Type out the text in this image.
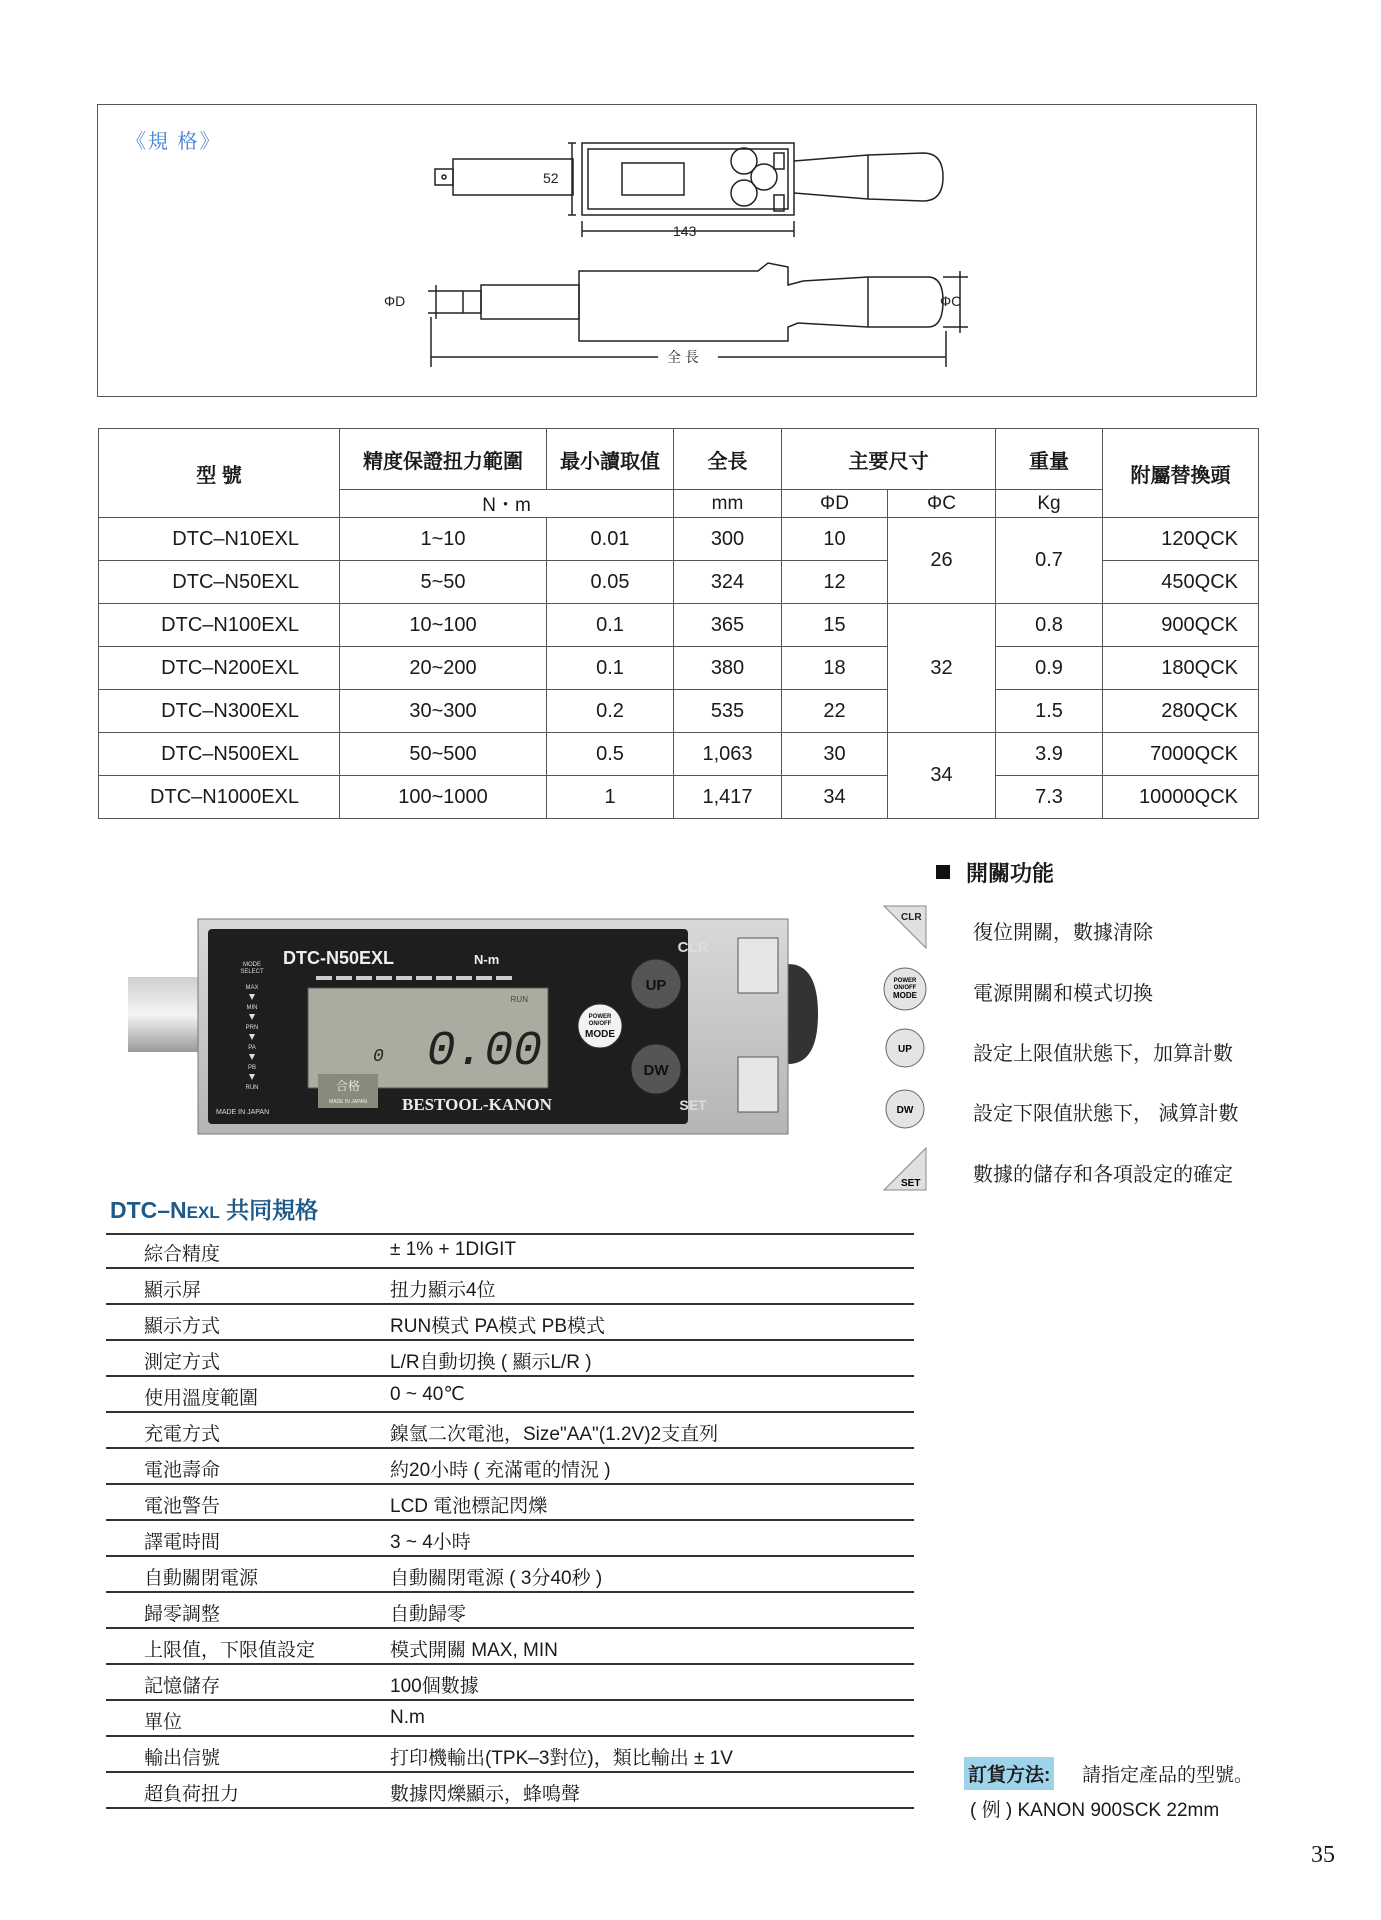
《規 格》
52
143
ΦD	ΦC
全 長
型 號	精度保證扭力範圍	最小讀取值	全長	主要尺寸		重量	附屬替換頭
	N・m		mm	ΦD	ΦC	Kg	
DTC–N10EXL	1~10	0.01	300	10	26	0.7	120QCK
DTC–N50EXL	5~50	0.05	324	12			450QCK
DTC–N100EXL	10~100	0.1	365	15	32	0.8	900QCK
DTC–N200EXL	20~200	0.1	380	18		0.9	180QCK
DTC–N300EXL	30~300	0.2	535	22		1.5	280QCK
DTC–N500EXL	50~500	0.5	1,063	30	34	3.9	7000QCK
DTC–N1000EXL	100~1000	1	1,417	34		7.3	10000QCK
開關功能
CLR
復位開關，數據清除
POWER
ON/OFF
MODE	電源開關和模式切換
UP	設定上限值狀態下，加算計數
DW	設定下限值狀態下， 減算計數
SET	數據的儲存和各項設定的確定
DTC-N50EXL	N-m
MODE
SELECT
MAX
MIN
PRN
PA
PB
RUN
RUN
0.00
0
合格
MADE IN JAPAN BESTOOL-KANON
MADE IN JAPAN
UP
DW
POWER
ON/OFF
MODE
CLR
SET
DTC–NEXL 共同規格
綜合精度	± 1% + 1DIGIT
顯示屏	扭力顯示4位
顯示方式	RUN模式 PA模式 PB模式
測定方式	L/R自動切換 ( 顯示L/R )
使用溫度範圍	0 ~ 40℃
充電方式	鎳氫二次電池，Size"AA"(1.2V)2支直列
電池壽命	約20小時 ( 充滿電的情況 )
電池警告	LCD 電池標記閃爍
譯電時間	3 ~ 4小時
自動關閉電源	自動關閉電源 ( 3分40秒 )
歸零調整	自動歸零
上限值，下限值設定	模式開關 MAX, MIN
記憶儲存	100個數據
單位	N.m
輸出信號	打印機輸出(TPK–3對位)，類比輸出 ± 1V
超負荷扭力	數據閃爍顯示，蜂鳴聲
訂貨方法: 請指定產品的型號。
( 例 ) KANON 900SCK 22mm
35
